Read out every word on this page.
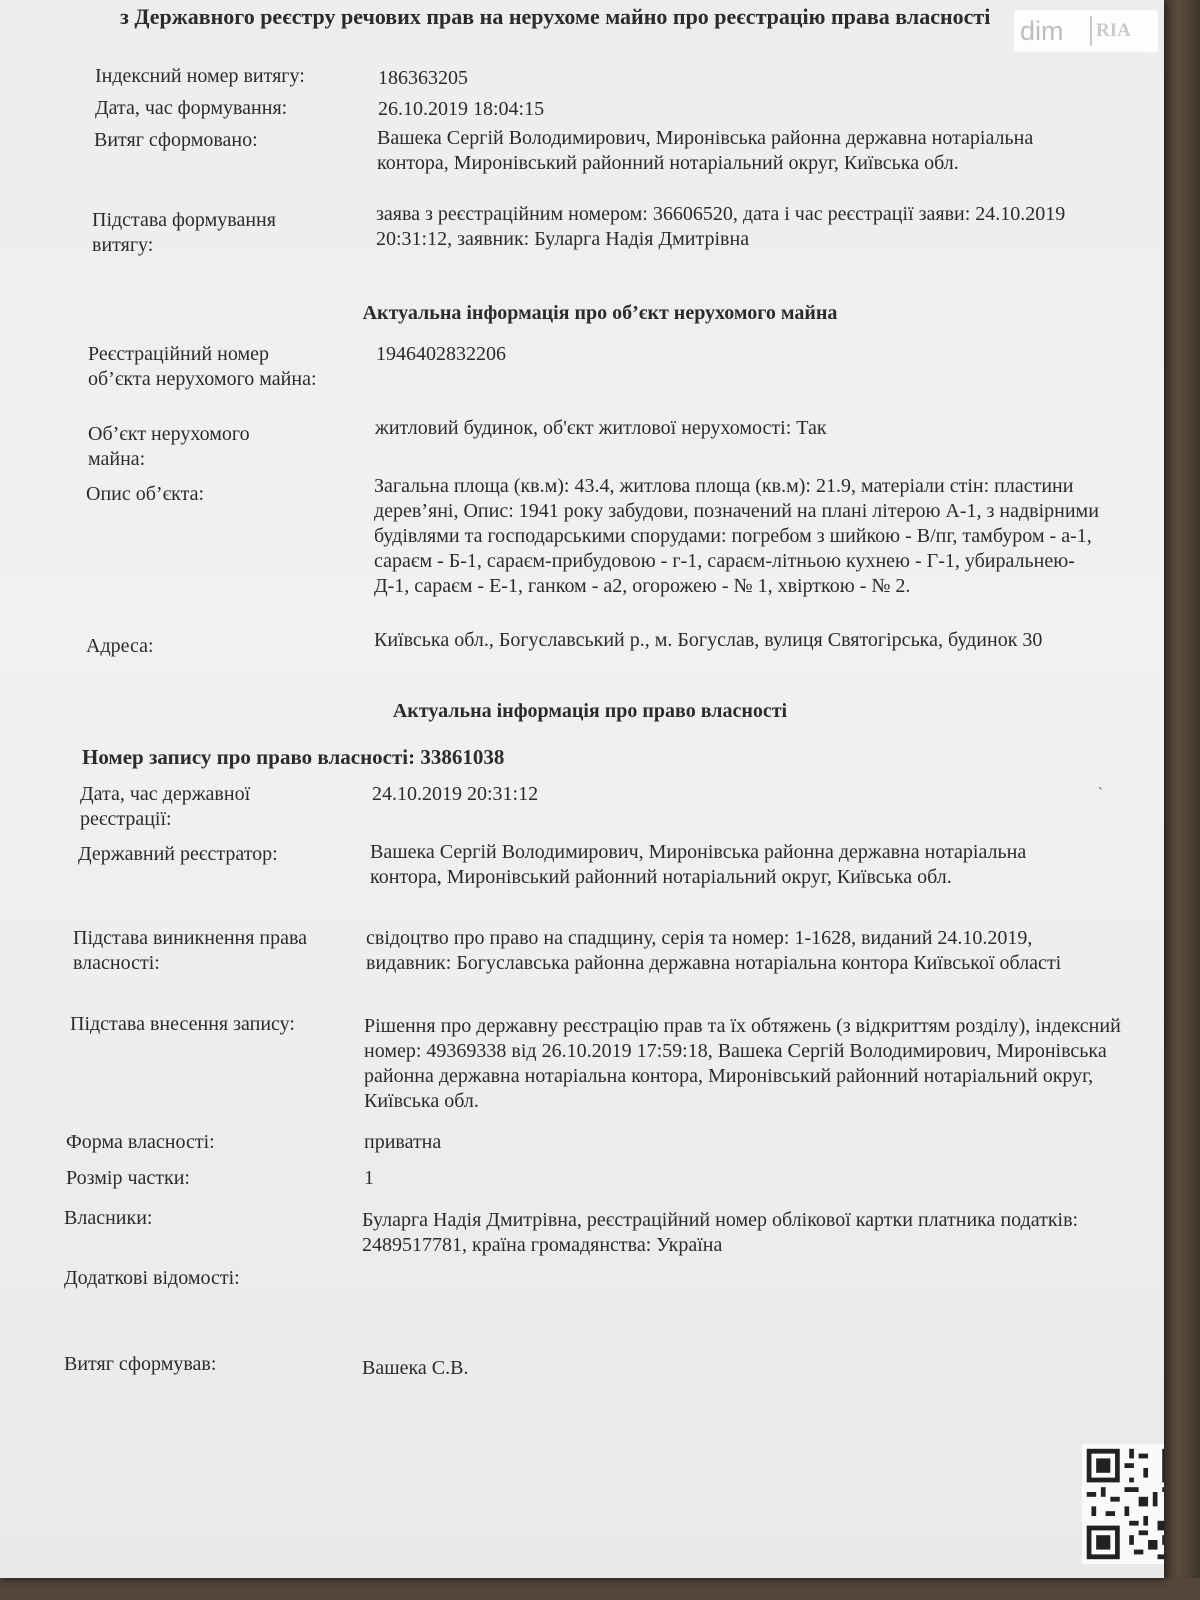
з Державного реєстру речових прав на нерухоме майно про реєстрацію права власності	dim	RIA
Індексний номер витягу:	186363205
Дата, час формування:	26.10.2019 18:04:15
Витяг сформовано:	Вашека Сергій Володимирович, Миронівська районна державна нотаріальна контора, Миронівський районний нотаріальний округ, Київська обл.
Підстава формування витягу:
заява з реєстраційним номером: 36606520, дата і час реєстрації заяви: 24.10.2019 20:31:12, заявник: Буларга Надія Дмитрівна
Актуальна інформація про об’єкт нерухомого майна
Реєстраційний номер об’єкта нерухомого майна:
1946402832206
Об’єкт нерухомого майна:
житловий будинок, об'єкт житлової нерухомості: Так
Опис об’єкта:	Загальна площа (кв.м): 43.4, житлова площа (кв.м): 21.9, матеріали стін: пластини дерев’яні, Опис: 1941 року забудови, позначений на плані літерою А-1, з надвірними будівлями та господарськими спорудами: погребом з шийкою - В/пг, тамбуром - а-1, сараєм - Б-1, сараєм-прибудовою - г-1, сараєм-літньою кухнею - Г-1, убиральнею-Д-1, сараєм - Е-1, ганком - а2, огорожею - № 1, хвірткою - № 2.
Адреса:	Київська обл., Богуславський р., м. Богуслав, вулиця Святогірська, будинок 30
Актуальна інформація про право власності
Номер запису про право власності: 33861038
Дата, час державної реєстрації:
24.10.2019 20:31:12
Державний реєстратор:	Вашека Сергій Володимирович, Миронівська районна державна нотаріальна контора, Миронівський районний нотаріальний округ, Київська обл.
Підстава виникнення права власності:
свідоцтво про право на спадщину, серія та номер: 1-1628, виданий 24.10.2019, видавник: Богуславська районна державна нотаріальна контора Київської області
Підстава внесення запису:	Рішення про державну реєстрацію прав та їх обтяжень (з відкриттям розділу), індексний номер: 49369338 від 26.10.2019 17:59:18, Вашека Сергій Володимирович, Миронівська районна державна нотаріальна контора, Миронівський районний нотаріальний округ, Київська обл.
Форма власності:	приватна
Розмір частки:	1
Власники:	Буларга Надія Дмитрівна, реєстраційний номер облікової картки платника податків: 2489517781, країна громадянства: Україна
Додаткові відомості:
Витяг сформував:	Вашека С.В.
ˋ
